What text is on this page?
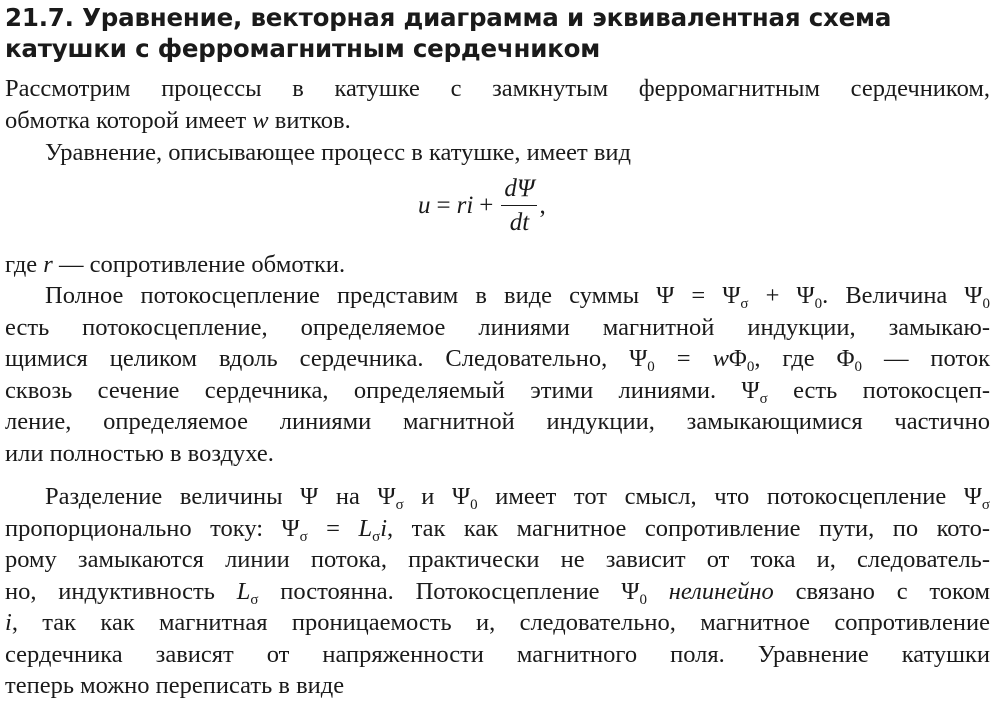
21.7. Уравнение, векторная диаграмма и эквивалентная схема
катушки с ферромагнитным сердечником

Рассмотрим процессы в катушке с замкнутым ферромагнитным сердечником,
обмотка которой имеет w витков.

Уравнение, описывающее процесс в катушке, имеет вид

u = ri + $\frac{d\Psi}{dt}$ ,

где r — сопротивление обмотки.

Полное потокосцепление представим в виде суммы $\Psi = \Psi_\sigma + \Psi_0$. Величина $\Psi_0$
есть потокосцепление, определяемое линиями магнитной индукции, замыкаю-
щимися целиком вдоль сердечника. Следовательно, $\Psi_0 = w\Phi_0$, где $\Phi_0$ — поток
сквозь сечение сердечника, определяемый этими линиями. $\Psi_\sigma$ есть потокосцеп-
ление, определяемое линиями магнитной индукции, замыкающимися частично
или полностью в воздухе.

Разделение величины Ψ на $\Psi_\sigma$ и $\Psi_0$ имеет тот смысл, что потокосцепление $\Psi_\sigma$
пропорционально току: $\Psi_\sigma = L_\sigma i$, так как магнитное сопротивление пути, по кото-
рому замыкаются линии потока, практически не зависит от тока и, следователь-
но, индуктивность $L_\sigma$ постоянна. Потокосцепление $\Psi_0$ нелинейно связано с током
i, так как магнитная проницаемость и, следовательно, магнитное сопротивление
сердечника зависят от напряженности магнитного поля. Уравнение катушки
теперь можно переписать в виде
